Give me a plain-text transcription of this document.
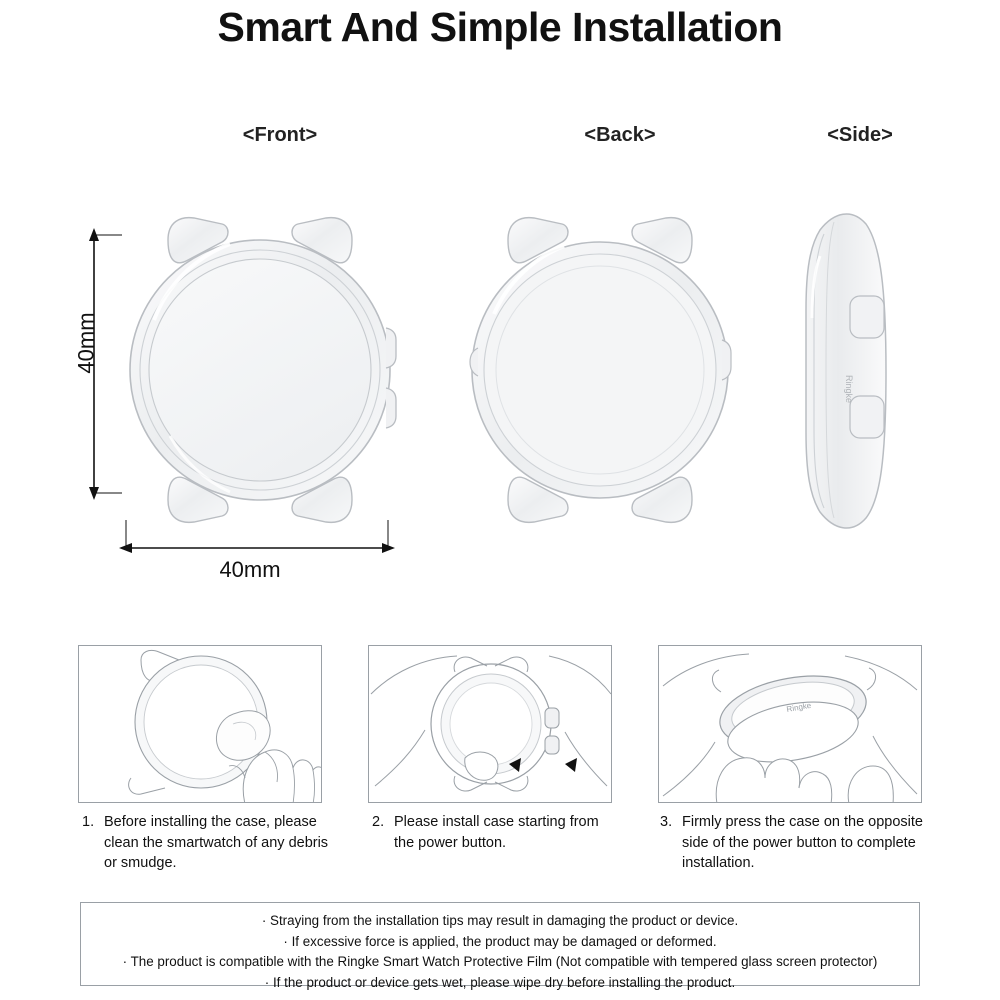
Smart And Simple Installation
<Front>	<Back>	<Side>
40mm
40mm
Ringke
Ringke
1. Before installing the case, please clean the smartwatch of any debris or smudge.
2. Please install case starting from the power button.
3. Firmly press the case on the opposite side of the power button to complete installation.
· Straying from the installation tips may result in damaging the product or device.
· If excessive force is applied, the product may be damaged or deformed.
· The product is compatible with the Ringke Smart Watch Protective Film (Not compatible with tempered glass screen protector)
· If the product or device gets wet, please wipe dry before installing the product.
